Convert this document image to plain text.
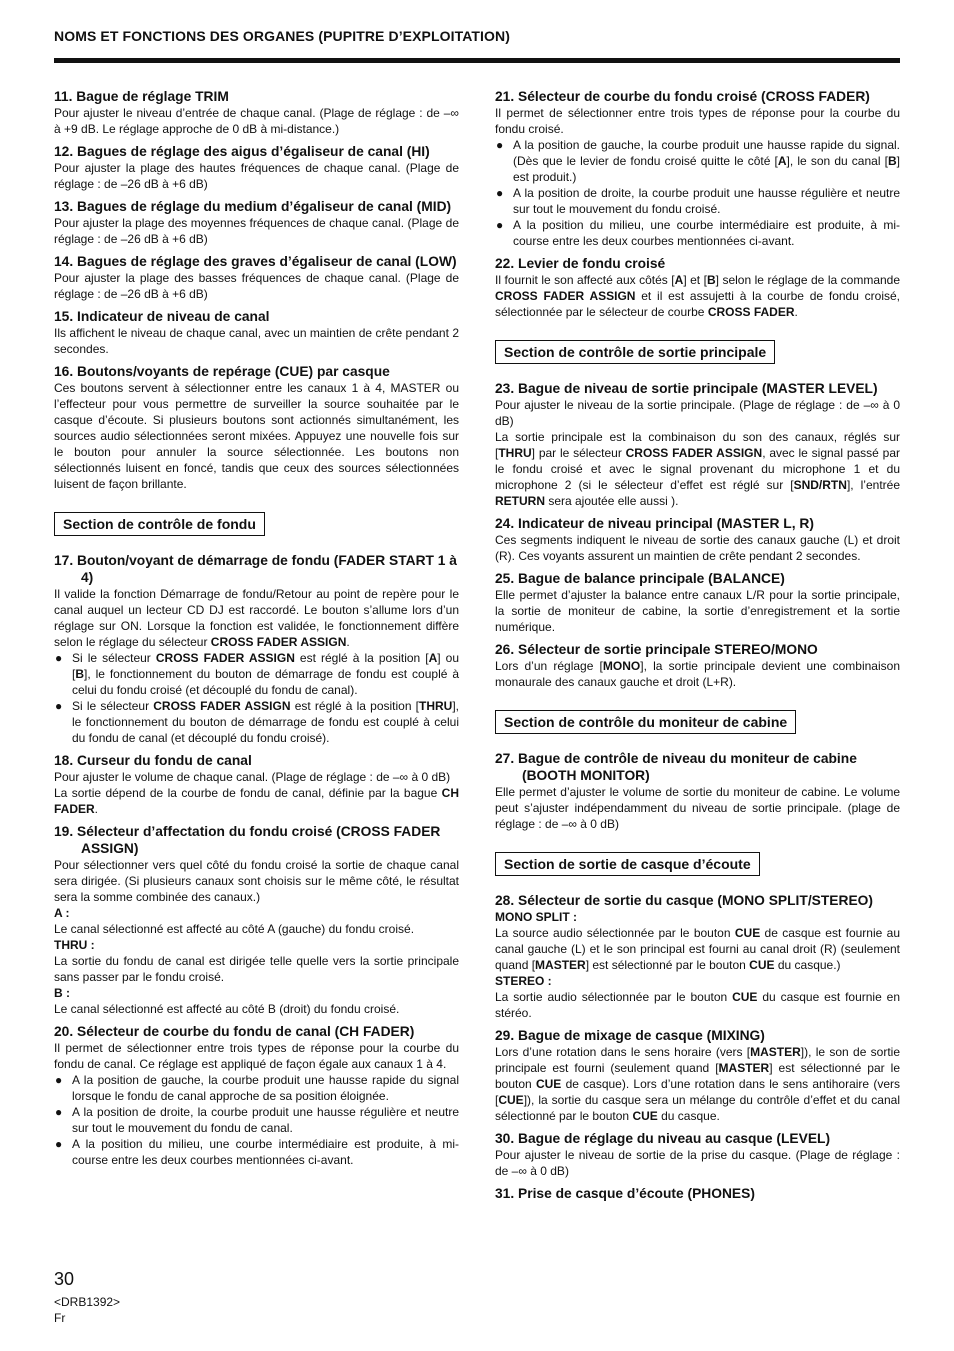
NOMS ET FONCTIONS DES ORGANES (PUPITRE D’EXPLOITATION)
11. Bague de réglage TRIM
Pour ajuster le niveau d’entrée de chaque canal. (Plage de réglage : de –∞ à +9 dB. Le réglage approche de 0 dB à mi-distance.)
12. Bagues de réglage des aigus d’égaliseur de canal (HI)
Pour ajuster la plage des hautes fréquences de chaque canal. (Plage de réglage : de –26 dB à +6 dB)
13. Bagues de réglage du medium d’égaliseur de canal (MID)
Pour ajuster la plage des moyennes fréquences de chaque canal. (Plage de réglage : de –26 dB à +6 dB)
14. Bagues de réglage des graves d’égaliseur de canal (LOW)
Pour ajuster la plage des basses fréquences de chaque canal. (Plage de réglage : de –26 dB à +6 dB)
15. Indicateur de niveau de canal
Ils affichent le niveau de chaque canal, avec un maintien de crête pendant 2 secondes.
16. Boutons/voyants de repérage (CUE) par casque
Ces boutons servent à sélectionner entre les canaux 1 à 4, MASTER ou l’effecteur pour vous permettre de surveiller la source souhaitée par le casque d’écoute. Si plusieurs boutons sont actionnés simultanément, les sources audio sélectionnées seront mixées. Appuyez une nouvelle fois sur le bouton pour annuler la source sélectionnée. Les boutons non sélectionnés luisent en foncé, tandis que ceux des sources sélectionnées luisent de façon brillante.
Section de contrôle de fondu
17. Bouton/voyant de démarrage de fondu (FADER START 1 à 4)
Il valide la fonction Démarrage de fondu/Retour au point de repère pour le canal auquel un lecteur CD DJ est raccordé. Le bouton s’allume lors d’un réglage sur ON. Lorsque la fonction est validée, le fonctionnement diffère selon le réglage du sélecteur CROSS FADER ASSIGN.
● Si le sélecteur CROSS FADER ASSIGN est réglé à la position [A] ou [B], le fonctionnement du bouton de démarrage de fondu est couplé à celui du fondu croisé (et découplé du fondu de canal).
● Si le sélecteur CROSS FADER ASSIGN est réglé à la position [THRU], le fonctionnement du bouton de démarrage de fondu est couplé à celui du fondu de canal (et découplé du fondu croisé).
18. Curseur du fondu de canal
Pour ajuster le volume de chaque canal. (Plage de réglage : de –∞ à 0 dB)
La sortie dépend de la courbe de fondu de canal, définie par la bague CH FADER.
19. Sélecteur d’affectation du fondu croisé (CROSS FADER ASSIGN)
Pour sélectionner vers quel côté du fondu croisé la sortie de chaque canal sera dirigée. (Si plusieurs canaux sont choisis sur le même côté, le résultat sera la somme combinée des canaux.)
A :
Le canal sélectionné est affecté au côté A (gauche) du fondu croisé.
THRU :
La sortie du fondu de canal est dirigée telle quelle vers la sortie principale sans passer par le fondu croisé.
B :
Le canal sélectionné est affecté au côté B (droit) du fondu croisé.
20. Sélecteur de courbe du fondu de canal (CH FADER)
Il permet de sélectionner entre trois types de réponse pour la courbe du fondu de canal. Ce réglage est appliqué de façon égale aux canaux 1 à 4.
● A la position de gauche, la courbe produit une hausse rapide du signal lorsque le fondu de canal approche de sa position éloignée.
● A la position de droite, la courbe produit une hausse régulière et neutre sur tout le mouvement du fondu de canal.
● A la position du milieu, une courbe intermédiaire est produite, à mi-course entre les deux courbes mentionnées ci-avant.
21. Sélecteur de courbe du fondu croisé (CROSS FADER)
Il permet de sélectionner entre trois types de réponse pour la courbe du fondu croisé.
● A la position de gauche, la courbe produit une hausse rapide du signal. (Dès que le levier de fondu croisé quitte le côté [A], le son du canal [B] est produit.)
● A la position de droite, la courbe produit une hausse régulière et neutre sur tout le mouvement du fondu croisé.
● A la position du milieu, une courbe intermédiaire est produite, à mi-course entre les deux courbes mentionnées ci-avant.
22. Levier de fondu croisé
Il fournit le son affecté aux côtés [A] et [B] selon le réglage de la commande CROSS FADER ASSIGN et il est assujetti à la courbe de fondu croisé, sélectionnée par le sélecteur de courbe CROSS FADER.
Section de contrôle de sortie principale
23. Bague de niveau de sortie principale (MASTER LEVEL)
Pour ajuster le niveau de la sortie principale. (Plage de réglage : de –∞ à 0 dB)
La sortie principale est la combinaison du son des canaux, réglés sur [THRU] par le sélecteur CROSS FADER ASSIGN, avec le signal passé par le fondu croisé et avec le signal provenant du microphone 1 et du microphone 2 (si le sélecteur d’effet est réglé sur [SND/RTN], l’entrée RETURN sera ajoutée elle aussi ).
24. Indicateur de niveau principal (MASTER L, R)
Ces segments indiquent le niveau de sortie des canaux gauche (L) et droit (R). Ces voyants assurent un maintien de crête pendant 2 secondes.
25. Bague de balance principale (BALANCE)
Elle permet d’ajuster la balance entre canaux L/R pour la sortie principale, la sortie de moniteur de cabine, la sortie d’enregistrement et la sortie numérique.
26. Sélecteur de sortie principale STEREO/MONO
Lors d’un réglage [MONO], la sortie principale devient une combinaison monaurale des canaux gauche et droit (L+R).
Section de contrôle du moniteur de cabine
27. Bague de contrôle de niveau du moniteur de cabine (BOOTH MONITOR)
Elle permet d’ajuster le volume de sortie du moniteur de cabine. Le volume peut s’ajuster indépendamment du niveau de sortie principale. (plage de réglage : de –∞ à 0 dB)
Section de sortie de casque d’écoute
28. Sélecteur de sortie du casque (MONO SPLIT/STEREO)
MONO SPLIT :
La source audio sélectionnée par le bouton CUE de casque est fournie au canal gauche (L) et le son principal est fourni au canal droit (R) (seulement quand [MASTER] est sélectionné par le bouton CUE du casque.)
STEREO :
La sortie audio sélectionnée par le bouton CUE du casque est fournie en stéréo.
29. Bague de mixage de casque (MIXING)
Lors d’une rotation dans le sens horaire (vers [MASTER]), le son de sortie principale est fourni (seulement quand [MASTER] est sélectionné par le bouton CUE de casque). Lors d’une rotation dans le sens antihoraire (vers [CUE]), la sortie du casque sera un mélange du contrôle d’effet et du canal sélectionné par le bouton CUE du casque.
30. Bague de réglage du niveau au casque (LEVEL)
Pour ajuster le niveau de sortie de la prise du casque. (Plage de réglage : de –∞ à 0 dB)
31. Prise de casque d’écoute (PHONES)
30
<DRB1392>
Fr
